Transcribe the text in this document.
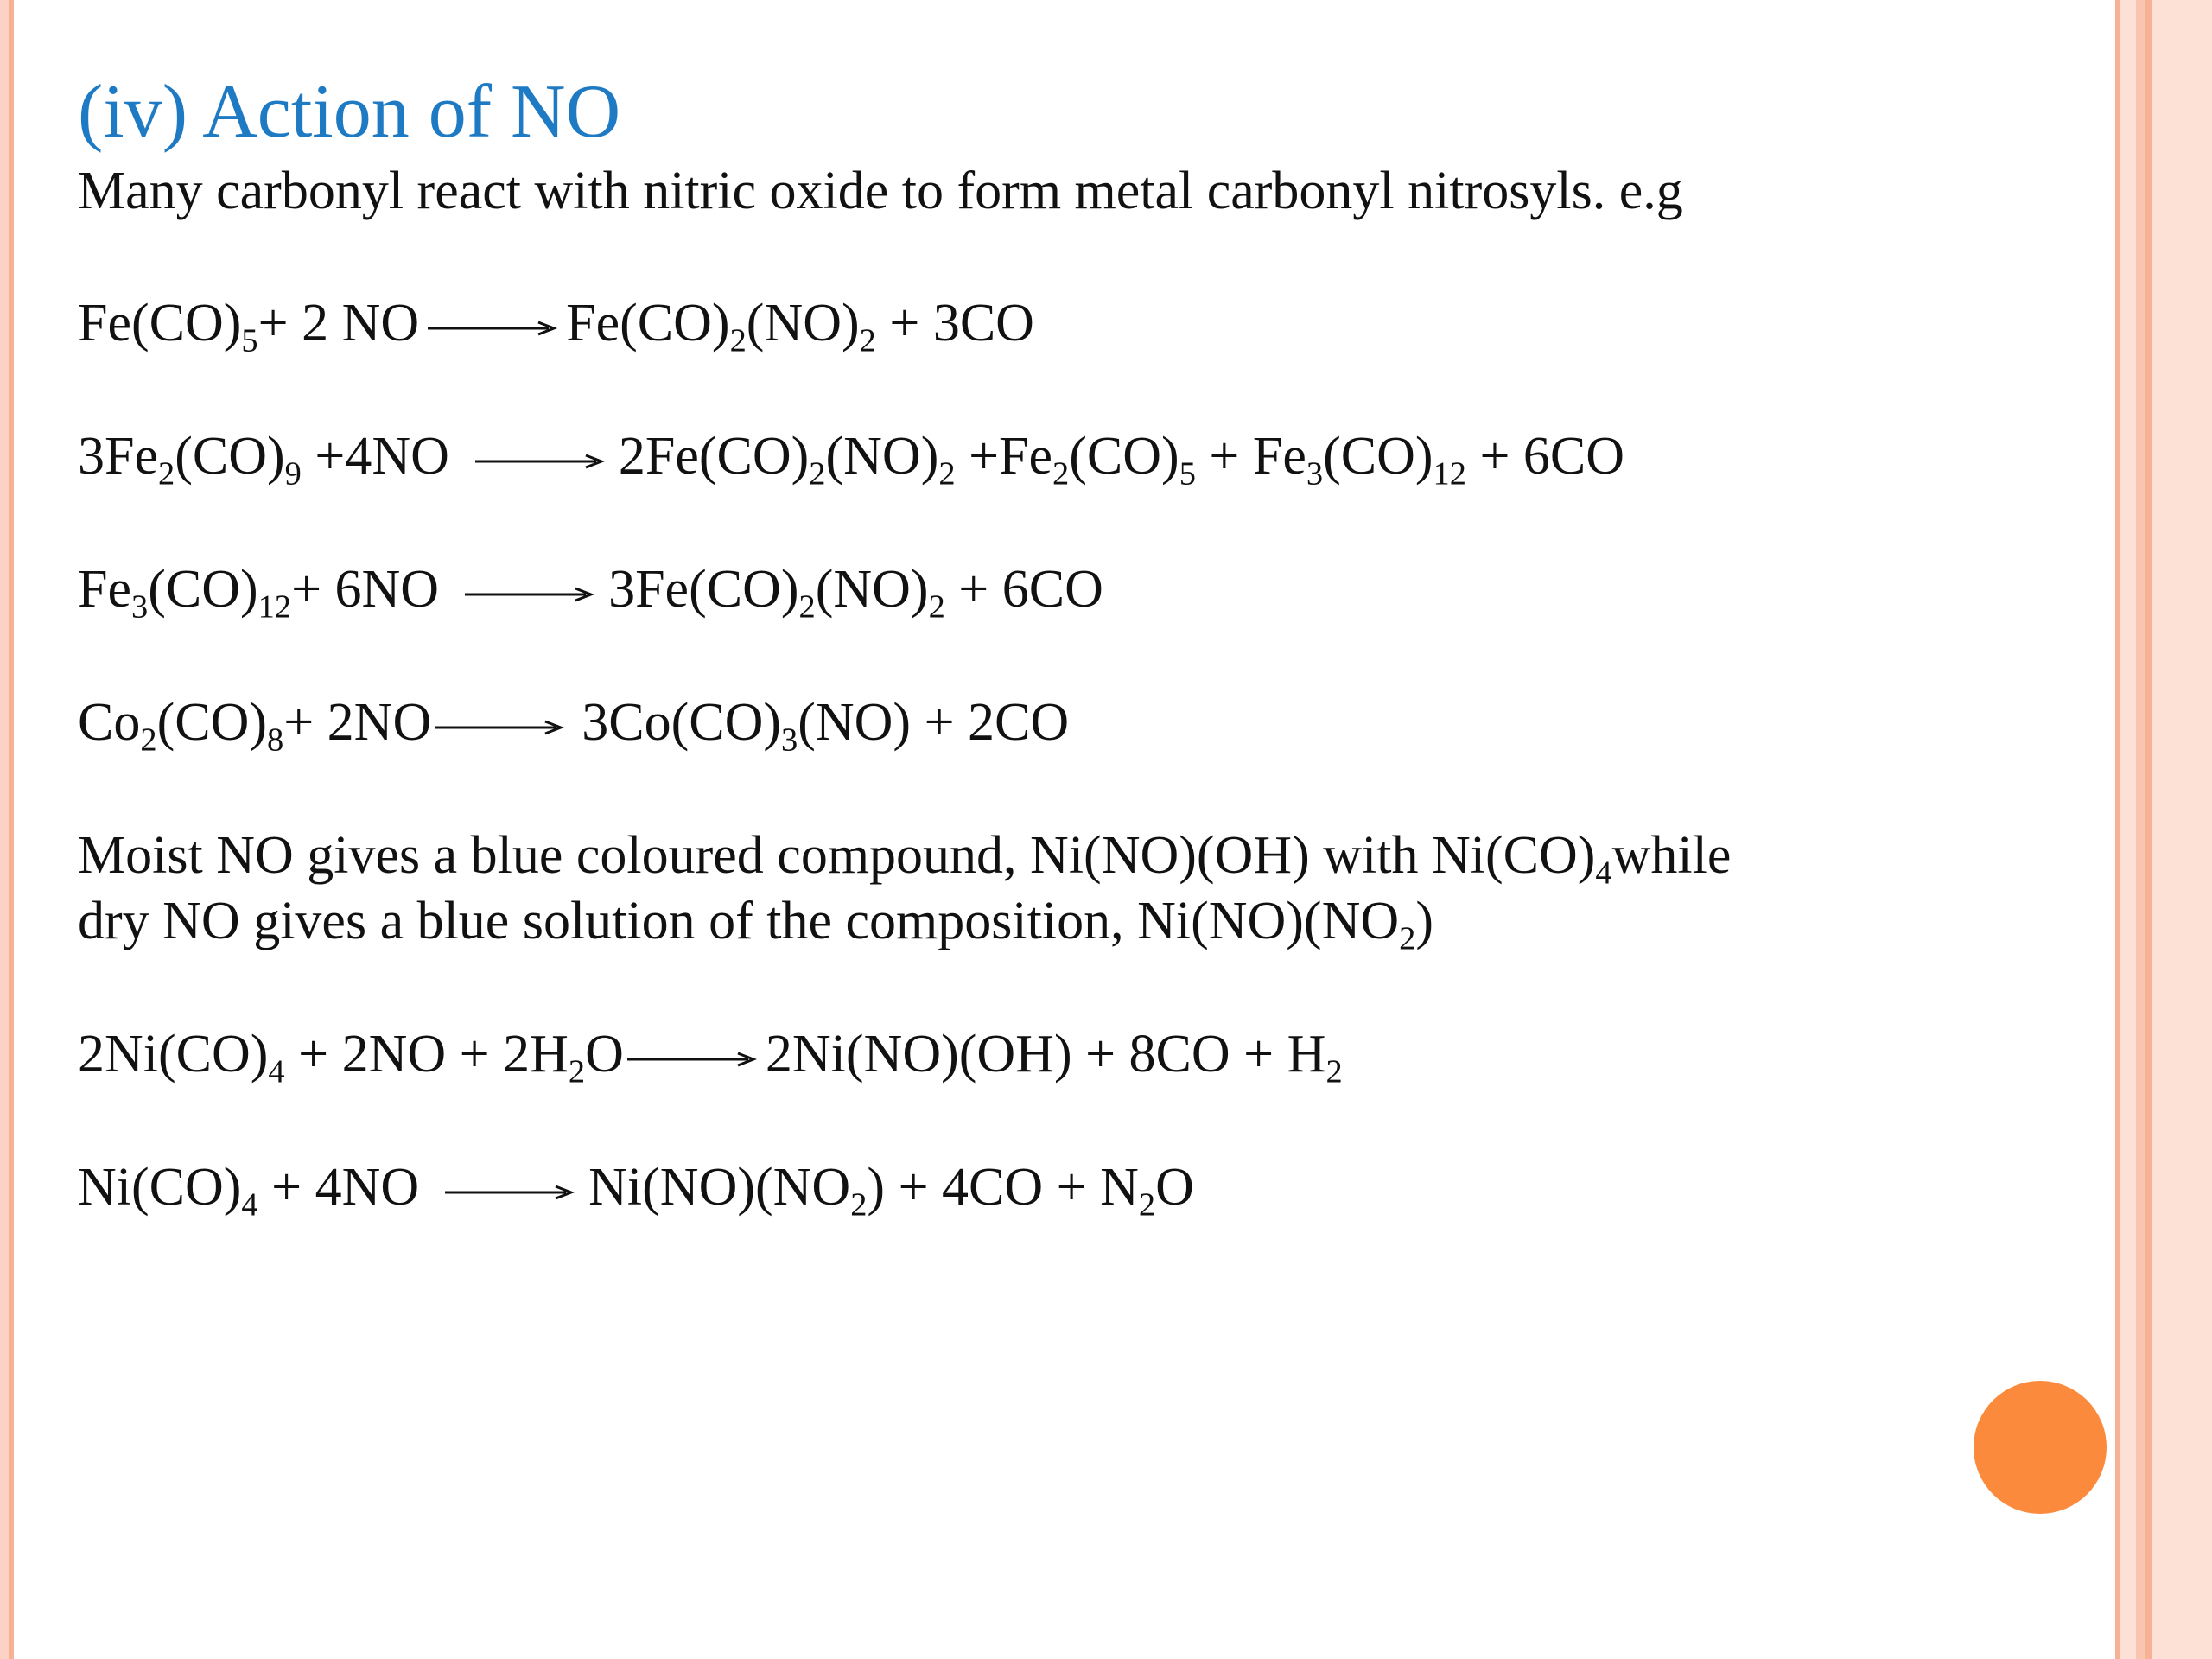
(iv) Action of NO

Many carbonyl react with nitric oxide to form metal carbonyl nitrosyls. e.g

$Fe(CO)_5+ 2$ NO → $Fe(CO)_2(NO)_2 + 3CO$

$3Fe_2(CO)_9 +4NO \to 2Fe(CO)_2(NO)_2 +Fe_2(CO)_5 + Fe_3(CO)_{12} + 6CO$

$Fe_3(CO)_{12}+ 6NO \to 3Fe(CO)_2(NO)_2 + 6CO$

$Co_2(CO)_8+ 2NO \to 3Co(CO)_3(NO) + 2CO$

Moist NO gives a blue coloured compound, Ni(NO)(OH) with $Ni(CO)_4while$

dry NO gives a blue solution of the composition, $Ni(NO)(NO_2)$

$2Ni(CO)_4 + 2NO + 2H_2O \to 2Ni(NO)(OH) + 8CO + H_2$

$Ni(CO)_4 + 4NO \to Ni(NO)(NO_2) + 4CO + N_2O$
